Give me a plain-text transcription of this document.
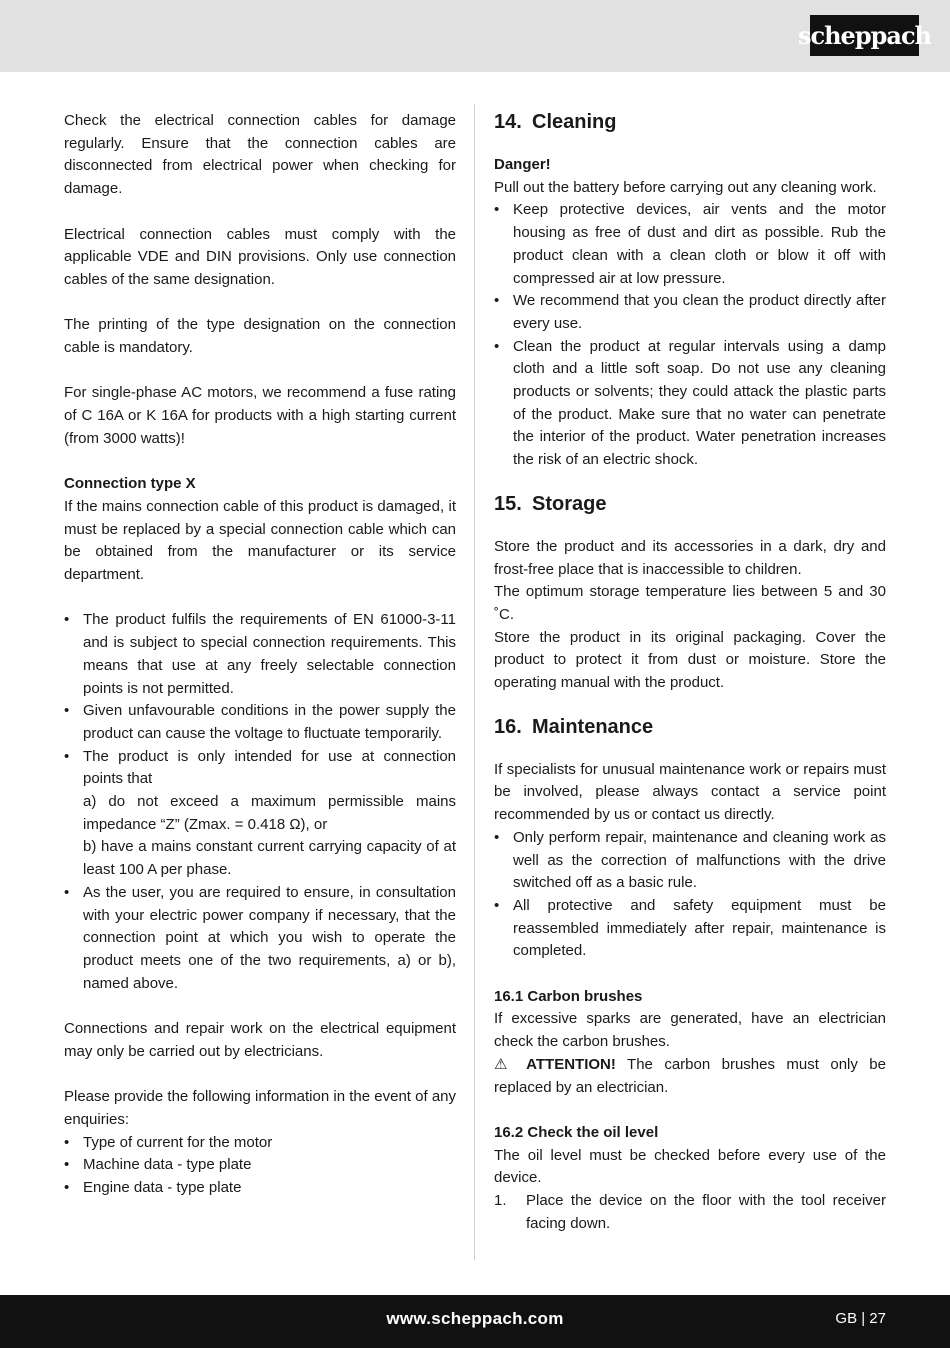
scheppach

Check the electrical connection cables for damage regularly. Ensure that the connection cables are disconnected from electrical power when checking for damage.

Electrical connection cables must comply with the applicable VDE and DIN provisions. Only use connection cables of the same designation.

The printing of the type designation on the connection cable is mandatory.

For single-phase AC motors, we recommend a fuse rating of C 16A or K 16A for products with a high starting current (from 3000 watts)!

Connection type X

If the mains connection cable of this product is damaged, it must be replaced by a special connection cable which can be obtained from the manufacturer or its service department.

• The product fulfils the requirements of EN 61000-3-11 and is subject to special connection requirements. This means that use at any freely selectable connection points is not permitted.
• Given unfavourable conditions in the power supply the product can cause the voltage to fluctuate temporarily.
• The product is only intended for use at connection points that
a) do not exceed a maximum permissible mains impedance “Z” (Zmax. = 0.418 Ω), or
b) have a mains constant current carrying capacity of at least 100 A per phase.
• As the user, you are required to ensure, in consultation with your electric power company if necessary, that the connection point at which you wish to operate the product meets one of the two requirements, a) or b), named above.

Connections and repair work on the electrical equipment may only be carried out by electricians.

Please provide the following information in the event of any enquiries:

• Type of current for the motor
• Machine data - type plate
• Engine data - type plate
14. Cleaning

Danger!

Pull out the battery before carrying out any cleaning work.

• Keep protective devices, air vents and the motor housing as free of dust and dirt as possible. Rub the product clean with a clean cloth or blow it off with compressed air at low pressure.
• We recommend that you clean the product directly after every use.
• Clean the product at regular intervals using a damp cloth and a little soft soap. Do not use any cleaning products or solvents; they could attack the plastic parts of the product. Make sure that no water can penetrate the interior of the product. Water penetration increases the risk of an electric shock.
15. Storage

Store the product and its accessories in a dark, dry and frost-free place that is inaccessible to children.

The optimum storage temperature lies between 5 and 30 ˚C.

Store the product in its original packaging. Cover the product to protect it from dust or moisture. Store the operating manual with the product.

16. Maintenance

If specialists for unusual maintenance work or repairs must be involved, please always contact a service point recommended by us or contact us directly.

• Only perform repair, maintenance and cleaning work as well as the correction of malfunctions with the drive switched off as a basic rule.
• All protective and safety equipment must be reassembled immediately after repair, maintenance is completed.

16.1 Carbon brushes

If excessive sparks are generated, have an electrician check the carbon brushes.

⚠ ATTENTION! The carbon brushes must only be replaced by an electrician.

16.2 Check the oil level

The oil level must be checked before every use of the device.

1. Place the device on the floor with the tool receiver facing down.
www.scheppach.com	GB | 27
